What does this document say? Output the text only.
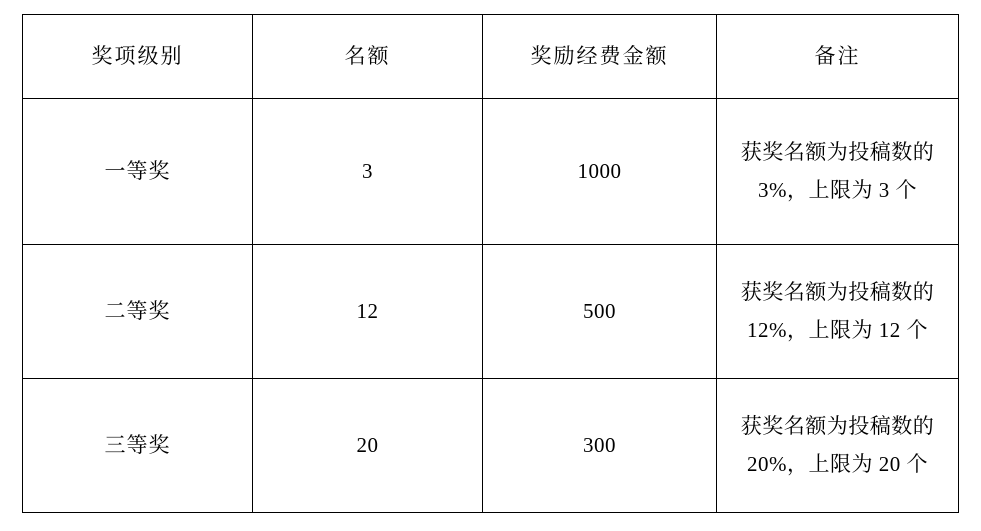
奖项级别	名额	奖励经费金额	备注
一等奖	3	1000	获奖名额为投稿数的 3%，上限为 3 个

二等奖	12	500	获奖名额为投稿数的 12%，上限为 12 个

三等奖	20	300	获奖名额为投稿数的 20%，上限为 20 个
